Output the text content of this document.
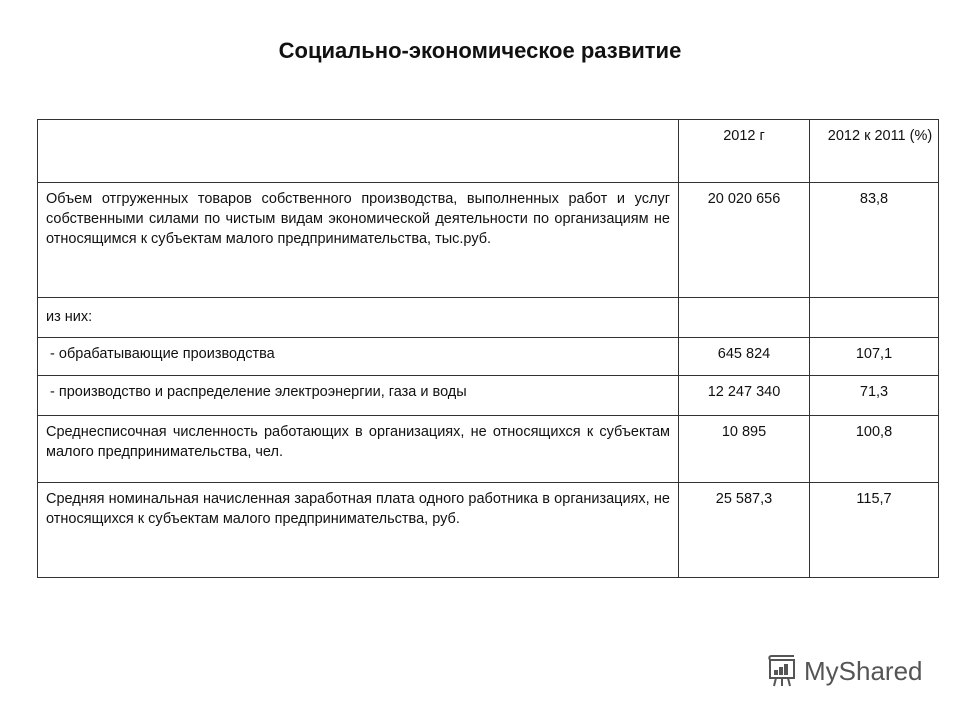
Социально-экономическое развитие
	2012 г	2012 к 2011 (%)
Объем отгруженных товаров собственного производства, выполненных работ и услуг собственными силами по чистым видам экономической деятельности по организациям не относящимся к субъектам малого предпринимательства, тыс.руб.	20 020 656	83,8
из них:		
- обрабатывающие производства	645 824	107,1
- производство и распределение электроэнергии, газа и воды	12 247 340	71,3
Среднесписочная численность работающих в организациях, не относящихся к субъектам малого предпринимательства, чел.	10 895	100,8
Средняя номинальная начисленная заработная плата одного работника в организациях, не относящихся к субъектам малого предпринимательства, руб.	25 587,3	115,7
MyShared
